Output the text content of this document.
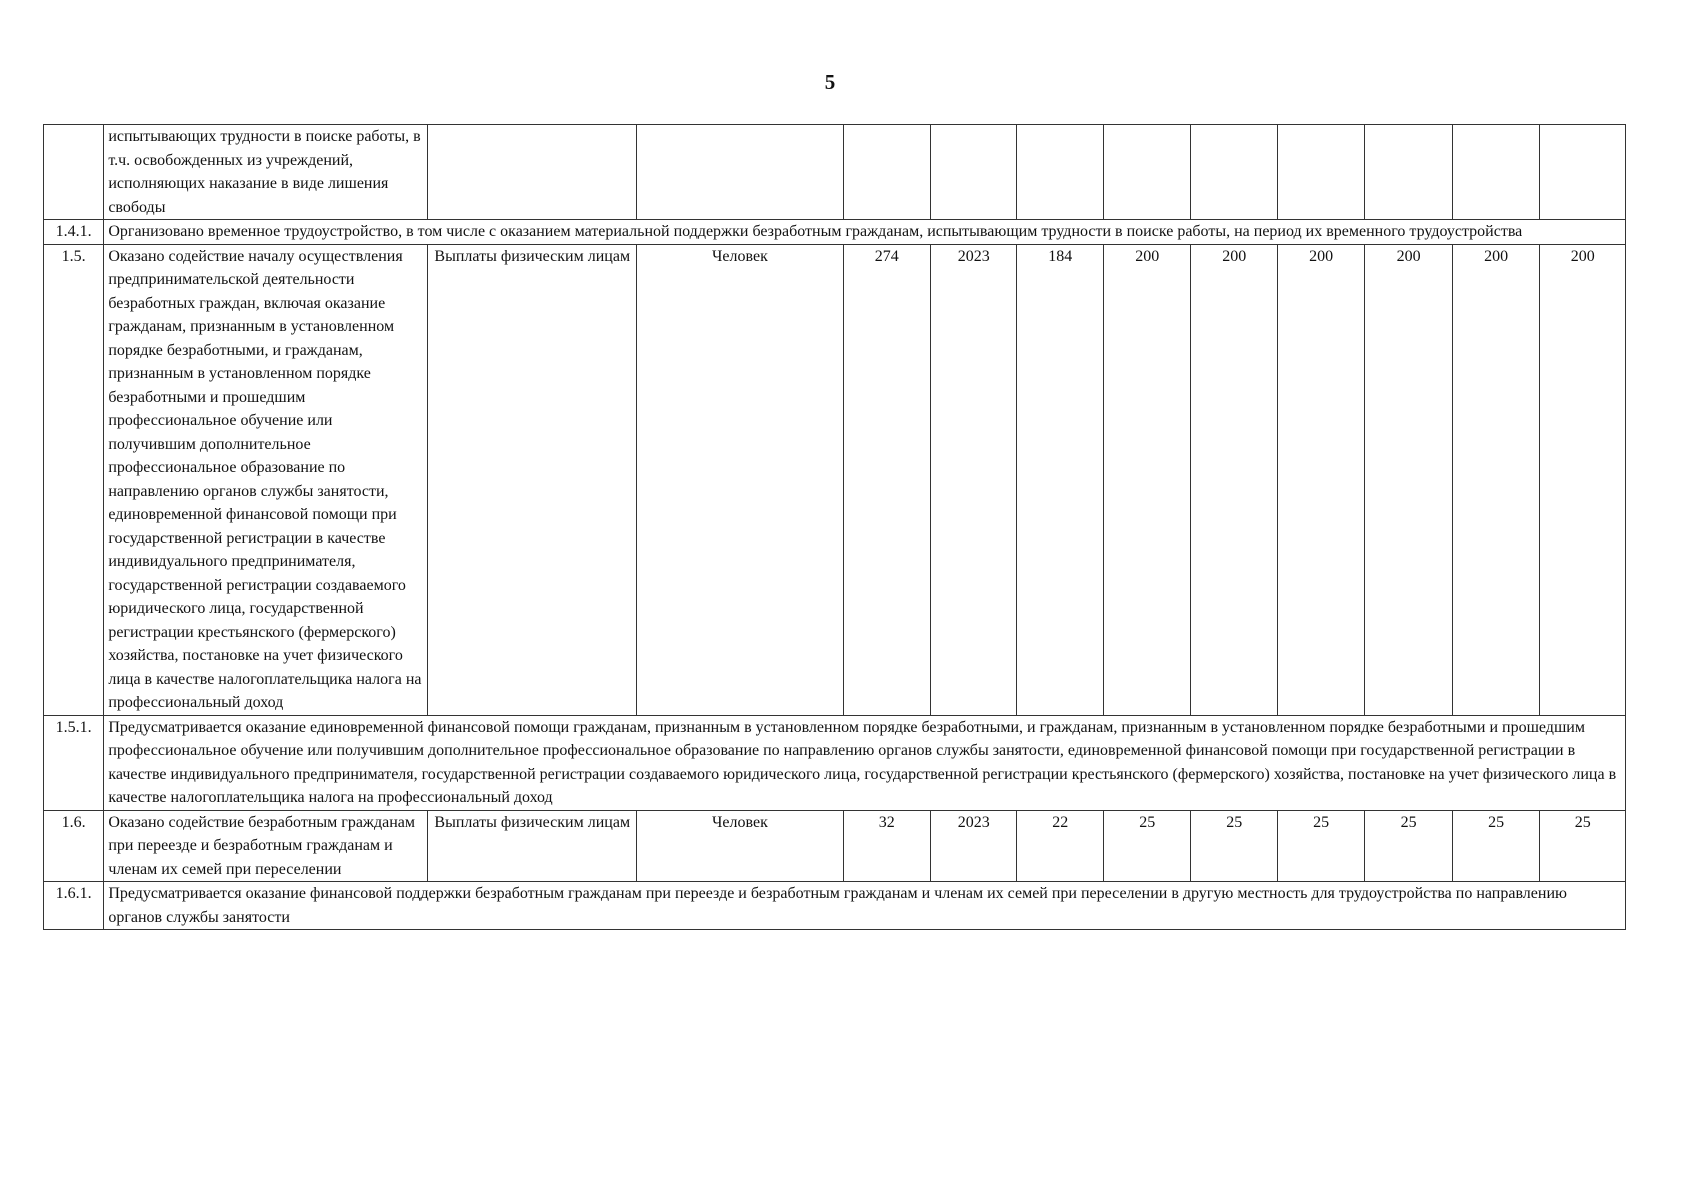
5
	испытывающих трудности в поиске работы, в т.ч. освобожденных из учреждений, исполняющих наказание в виде лишения свободы											
1.4.1.	Организовано временное трудоустройство, в том числе с оказанием материальной поддержки безработным гражданам, испытывающим трудности в поиске работы, на период их временного трудоустройства											
1.5.	Оказано содействие началу осуществления предпринимательской деятельности безработных граждан, включая оказание гражданам, признанным в установленном порядке безработными, и гражданам, признанным в установленном порядке безработными и прошедшим профессиональное обучение или получившим дополнительное профессиональное образование по направлению органов службы занятости, единовременной финансовой помощи при государственной регистрации в качестве индивидуального предпринимателя, государственной регистрации создаваемого юридического лица, государственной регистрации крестьянского (фермерского) хозяйства, постановке на учет физического лица в качестве налогоплательщика налога на профессиональный доход	Выплаты физическим лицам	Человек	274	2023	184	200	200	200	200	200	200
1.5.1.	Предусматривается оказание единовременной финансовой помощи гражданам, признанным в установленном порядке безработными, и гражданам, признанным в установленном порядке безработными и прошедшим профессиональное обучение или получившим дополнительное профессиональное образование по направлению органов службы занятости, единовременной финансовой помощи при государственной регистрации в качестве индивидуального предпринимателя, государственной регистрации создаваемого юридического лица, государственной регистрации крестьянского (фермерского) хозяйства, постановке на учет физического лица в качестве налогоплательщика налога на профессиональный доход											
1.6.	Оказано содействие безработным гражданам при переезде и безработным гражданам и членам их семей при переселении	Выплаты физическим лицам	Человек	32	2023	22	25	25	25	25	25	25
1.6.1.	Предусматривается оказание финансовой поддержки безработным гражданам при переезде и безработным гражданам и членам их семей при переселении в другую местность для трудоустройства по направлению органов службы занятости											
